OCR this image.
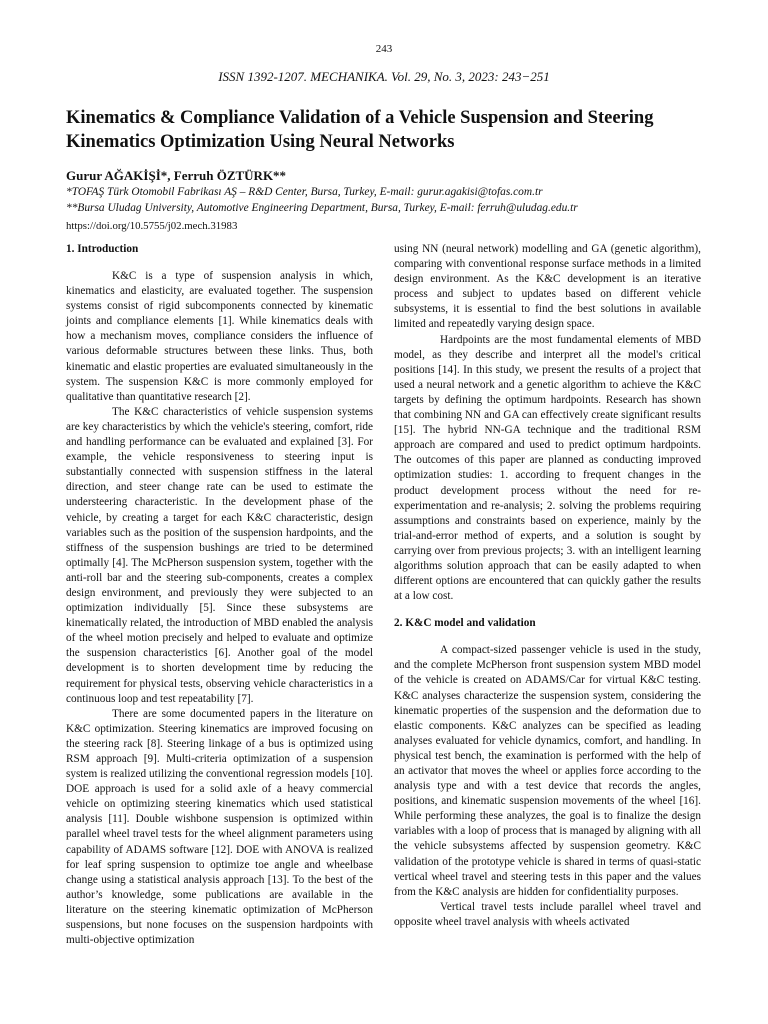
243
ISSN 1392-1207. MECHANIKA. Vol. 29, No. 3, 2023: 243−251
Kinematics & Compliance Validation of a Vehicle Suspension and Steering Kinematics Optimization Using Neural Networks
Gurur AĞAKİŞİ*, Ferruh ÖZTÜRK**
*TOFAŞ Türk Otomobil Fabrikası AŞ – R&D Center, Bursa, Turkey, E-mail: gurur.agakisi@tofas.com.tr
**Bursa Uludag University, Automotive Engineering Department, Bursa, Turkey, E-mail: ferruh@uludag.edu.tr
https://doi.org/10.5755/j02.mech.31983
1. Introduction

K&C is a type of suspension analysis in which, kinematics and elasticity, are evaluated together. The suspension systems consist of rigid subcomponents connected by kinematic joints and compliance elements [1]. While kinematics deals with how a mechanism moves, compliance considers the influence of various deformable structures between these links. Thus, both kinematic and elastic properties are evaluated simultaneously in the system. The suspension K&C is more commonly employed for qualitative than quantitative research [2].

The K&C characteristics of vehicle suspension systems are key characteristics by which the vehicle's steering, comfort, ride and handling performance can be evaluated and explained [3]. For example, the vehicle responsiveness to steering input is substantially connected with suspension stiffness in the lateral direction, and steer change rate can be used to estimate the understeering characteristic. In the development phase of the vehicle, by creating a target for each K&C characteristic, design variables such as the position of the suspension hardpoints, and the stiffness of the suspension bushings are tried to be determined optimally [4]. The McPherson suspension system, together with the anti-roll bar and the steering sub-components, creates a complex design environment, and previously they were subjected to an optimization individually [5]. Since these subsystems are kinematically related, the introduction of MBD enabled the analysis of the wheel motion precisely and helped to evaluate and optimize the suspension characteristics [6]. Another goal of the model development is to shorten development time by reducing the requirement for physical tests, observing vehicle characteristics in a continuous loop and test repeatability [7].

There are some documented papers in the literature on K&C optimization. Steering kinematics are improved focusing on the steering rack [8]. Steering linkage of a bus is optimized using RSM approach [9]. Multi-criteria optimization of a suspension system is realized utilizing the conventional regression models [10]. DOE approach is used for a solid axle of a heavy commercial vehicle on optimizing steering kinematics which used statistical analysis [11]. Double wishbone suspension is optimized within parallel wheel travel tests for the wheel alignment parameters using capability of ADAMS software [12]. DOE with ANOVA is realized for leaf spring suspension to optimize toe angle and wheelbase change using a statistical analysis approach [13]. To the best of the author’s knowledge, some publications are available in the literature on the steering kinematic optimization of McPherson suspensions, but none focuses on the suspension hardpoints with multi-objective optimization

using NN (neural network) modelling and GA (genetic algorithm), comparing with conventional response surface methods in a limited design environment. As the K&C development is an iterative process and subject to updates based on different vehicle subsystems, it is essential to find the best solutions in available limited and repeatedly varying design space.

Hardpoints are the most fundamental elements of MBD model, as they describe and interpret all the model's critical positions [14]. In this study, we present the results of a project that used a neural network and a genetic algorithm to achieve the K&C targets by defining the optimum hardpoints. Research has shown that combining NN and GA can effectively create significant results [15]. The hybrid NN-GA technique and the traditional RSM approach are compared and used to predict optimum hardpoints. The outcomes of this paper are planned as conducting improved optimization studies: 1. according to frequent changes in the product development process without the need for re-experimentation and re-analysis; 2. solving the problems requiring assumptions and constraints based on experience, mainly by the trial-and-error method of experts, and a solution is sought by carrying over from previous projects; 3. with an intelligent learning algorithms solution approach that can be easily adapted to when different options are encountered that can quickly gather the results at a low cost.

2. K&C model and validation

A compact-sized passenger vehicle is used in the study, and the complete McPherson front suspension system MBD model of the vehicle is created on ADAMS/Car for virtual K&C testing. K&C analyses characterize the suspension system, considering the kinematic properties of the suspension and the deformation due to elastic components. K&C analyzes can be specified as leading analyses evaluated for vehicle dynamics, comfort, and handling. In physical test bench, the examination is performed with the help of an activator that moves the wheel or applies force according to the analysis type and with a test device that records the angles, positions, and kinematic suspension movements of the wheel [16]. While performing these analyzes, the goal is to finalize the design variables with a loop of process that is managed by aligning with all the vehicle subsystems affected by suspension geometry. K&C validation of the prototype vehicle is shared in terms of quasi-static vertical wheel travel and steering tests in this paper and the values from the K&C analysis are hidden for confidentiality purposes.

Vertical travel tests include parallel wheel travel and opposite wheel travel analysis with wheels activated
